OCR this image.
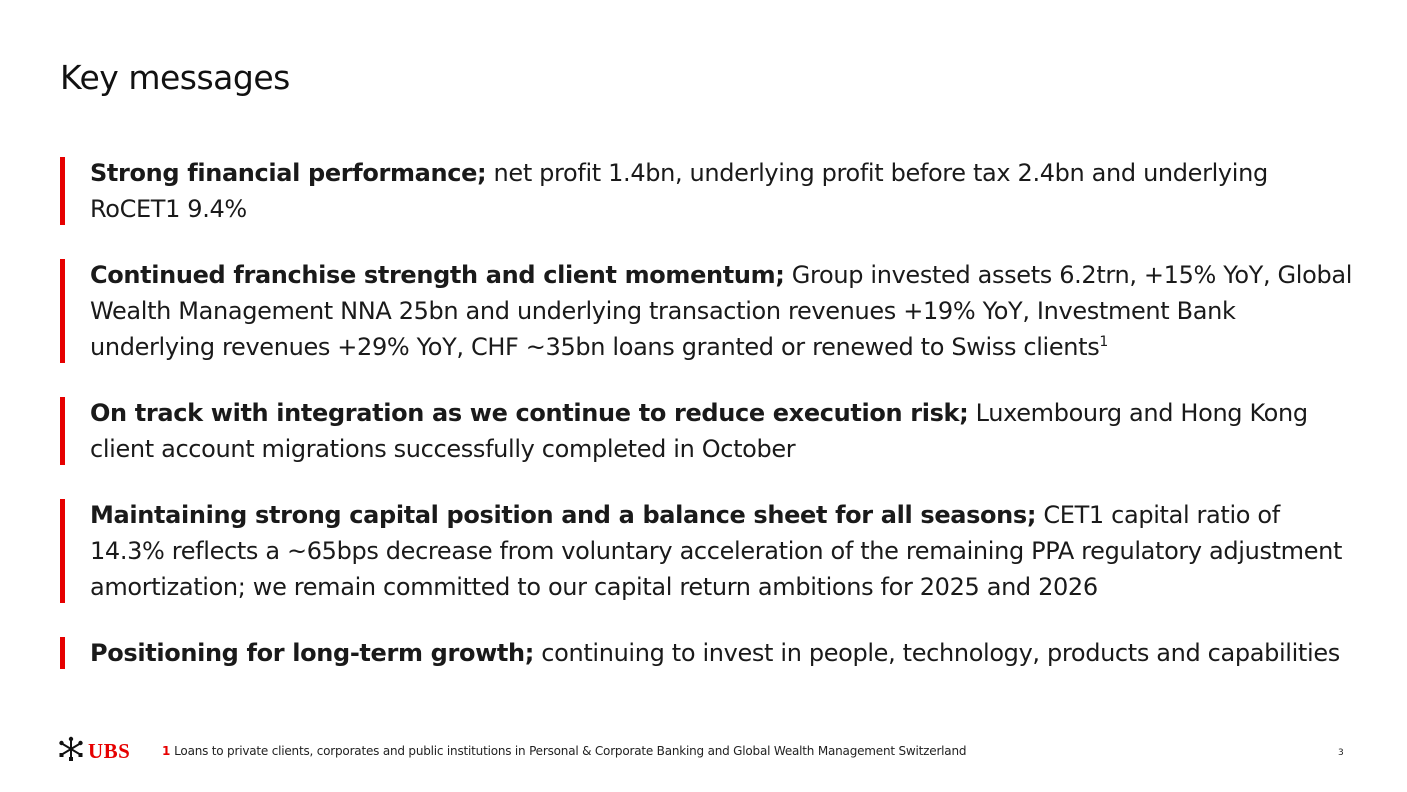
Key messages
Strong financial performance; net profit 1.4bn, underlying profit before tax 2.4bn and underlying RoCET1 9.4%
Continued franchise strength and client momentum; Group invested assets 6.2trn, +15% YoY, Global Wealth Management NNA 25bn and underlying transaction revenues +19% YoY, Investment Bank underlying revenues +29% YoY, CHF ~35bn loans granted or renewed to Swiss clients$^1$
On track with integration as we continue to reduce execution risk; Luxembourg and Hong Kong client account migrations successfully completed in October
Maintaining strong capital position and a balance sheet for all seasons; CET1 capital ratio of 14.3% reflects a ~65bps decrease from voluntary acceleration of the remaining PPA regulatory adjustment amortization; we remain committed to our capital return ambitions for 2025 and 2026
Positioning for long-term growth; continuing to invest in people, technology, products and capabilities
UBS	1 Loans to private clients, corporates and public institutions in Personal & Corporate Banking and Global Wealth Management Switzerland	3
